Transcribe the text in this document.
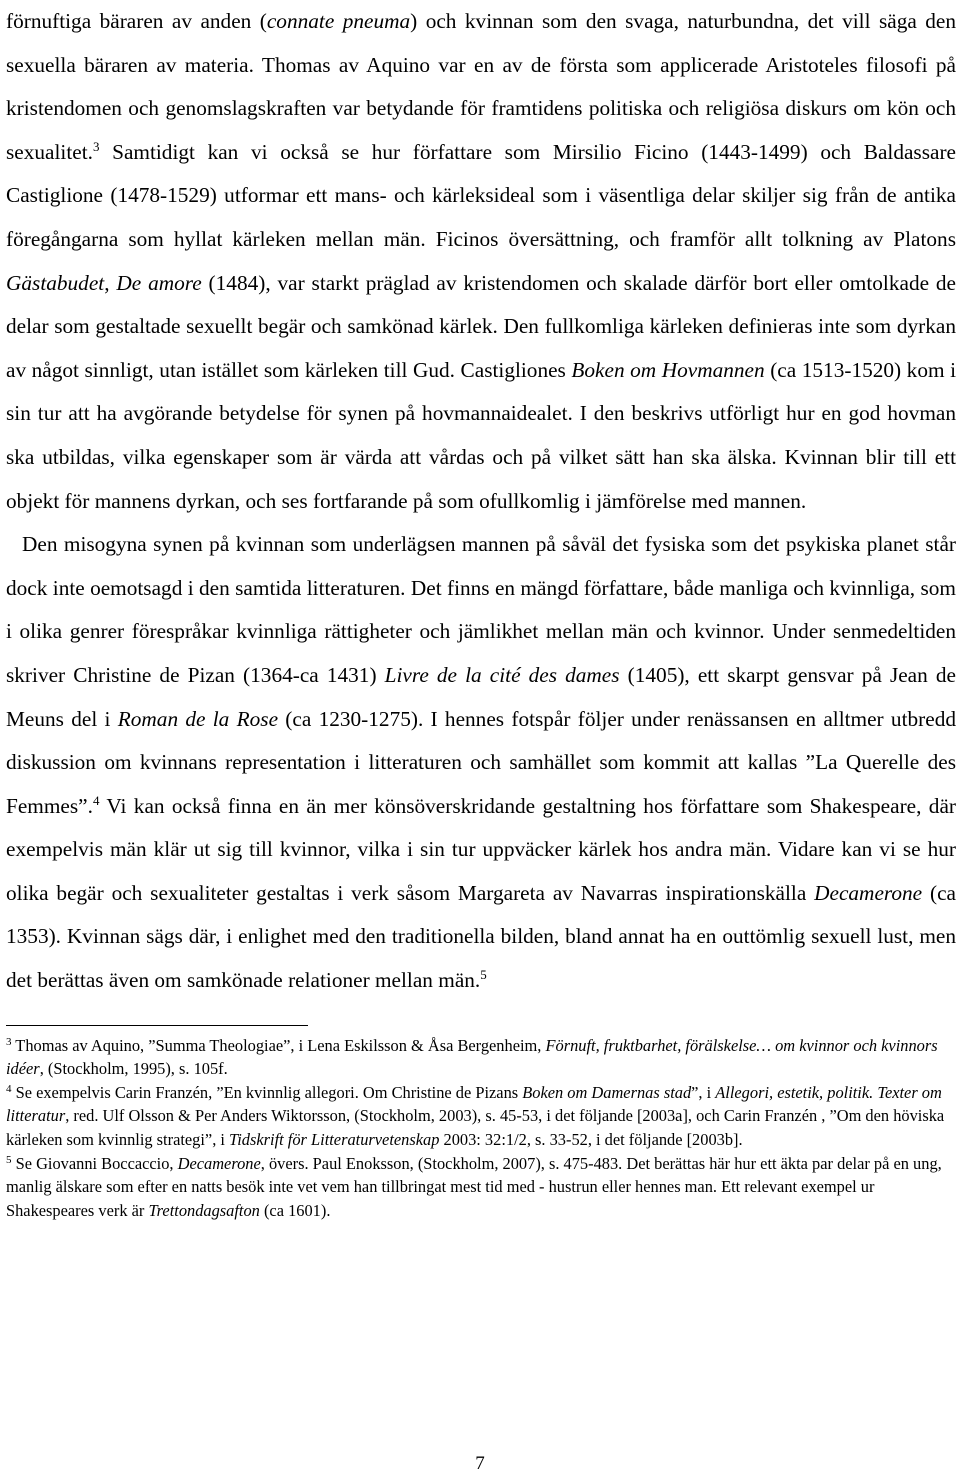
förnuftiga bäraren av anden (connate pneuma) och kvinnan som den svaga, naturbundna, det vill säga den sexuella bäraren av materia. Thomas av Aquino var en av de första som applicerade Aristoteles filosofi på kristendomen och genomslagskraften var betydande för framtidens politiska och religiösa diskurs om kön och sexualitet.$^3$ Samtidigt kan vi också se hur författare som Mirsilio Ficino (1443-1499) och Baldassare Castiglione (1478-1529) utformar ett mans- och kärleksideal som i väsentliga delar skiljer sig från de antika föregångarna som hyllat kärleken mellan män. Ficinos översättning, och framför allt tolkning av Platons Gästabudet, De amore (1484), var starkt präglad av kristendomen och skalade därför bort eller omtolkade de delar som gestaltade sexuellt begär och samkönad kärlek. Den fullkomliga kärleken definieras inte som dyrkan av något sinnligt, utan istället som kärleken till Gud. Castigliones Boken om Hovmannen (ca 1513-1520) kom i sin tur att ha avgörande betydelse för synen på hovmannaidealet. I den beskrivs utförligt hur en god hovman ska utbildas, vilka egenskaper som är värda att vårdas och på vilket sätt han ska älska. Kvinnan blir till ett objekt för mannens dyrkan, och ses fortfarande på som ofullkomlig i jämförelse med mannen.

Den misogyna synen på kvinnan som underlägsen mannen på såväl det fysiska som det psykiska planet står dock inte oemotsagd i den samtida litteraturen. Det finns en mängd författare, både manliga och kvinnliga, som i olika genrer förespråkar kvinnliga rättigheter och jämlikhet mellan män och kvinnor. Under senmedeltiden skriver Christine de Pizan (1364-ca 1431) Livre de la cité des dames (1405), ett skarpt gensvar på Jean de Meuns del i Roman de la Rose (ca 1230-1275). I hennes fotspår följer under renässansen en alltmer utbredd diskussion om kvinnans representation i litteraturen och samhället som kommit att kallas ”La Querelle des Femmes”.$^4$ Vi kan också finna en än mer könsöverskridande gestaltning hos författare som Shakespeare, där exempelvis män klär ut sig till kvinnor, vilka i sin tur uppväcker kärlek hos andra män. Vidare kan vi se hur olika begär och sexualiteter gestaltas i verk såsom Margareta av Navarras inspirationskälla Decamerone (ca 1353). Kvinnan sägs där, i enlighet med den traditionella bilden, bland annat ha en outtömlig sexuell lust, men det berättas även om samkönade relationer mellan män.$^5$

$^3$ Thomas av Aquino, ”Summa Theologiae”, i Lena Eskilsson & Åsa Bergenheim, Förnuft, fruktbarhet, förälskelse… om kvinnor och kvinnors idéer, (Stockholm, 1995), s. 105f.

$^4$ Se exempelvis Carin Franzén, ”En kvinnlig allegori. Om Christine de Pizans Boken om Damernas stad”, i Allegori, estetik, politik. Texter om litteratur, red. Ulf Olsson & Per Anders Wiktorsson, (Stockholm, 2003), s. 45-53, i det följande [2003a], och Carin Franzén , ”Om den höviska kärleken som kvinnlig strategi”, i Tidskrift för Litteraturvetenskap 2003: 32:1/2, s. 33-52, i det följande [2003b].

$^5$ Se Giovanni Boccaccio, Decamerone, övers. Paul Enoksson, (Stockholm, 2007), s. 475-483. Det berättas här hur ett äkta par delar på en ung, manlig älskare som efter en natts besök inte vet vem han tillbringat mest tid med - hustrun eller hennes man. Ett relevant exempel ur Shakespeares verk är Trettondagsafton (ca 1601).

7
